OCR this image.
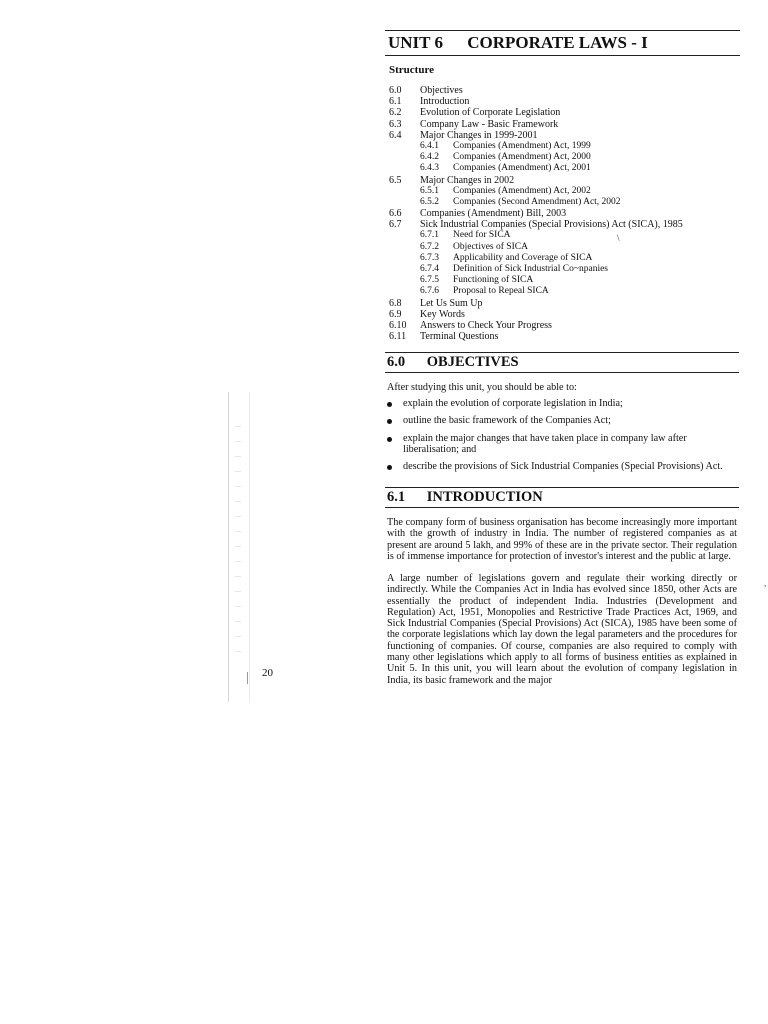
20
UNIT 6 CORPORATE LAWS - I
Structure
6.0 Objectives
6.1 Introduction
6.2 Evolution of Corporate Legislation
6.3 Company Law - Basic Framework
6.4 Major Changes in 1999-2001
6.4.1 Companies (Amendment) Act, 1999
6.4.2 Companies (Amendment) Act, 2000
6.4.3 Companies (Amendment) Act, 2001
6.5 Major Changes in 2002
6.5.1 Companies (Amendment) Act, 2002
6.5.2 Companies (Second Amendment) Act, 2002
6.6 Companies (Amendment) Bill, 2003
6.7 Sick Industrial Companies (Special Provisions) Act (SICA), 1985
6.7.1 Need for SICA
6.7.2 Objectives of SICA
6.7.3 Applicability and Coverage of SICA
6.7.4 Definition of Sick Industrial Co~npanies
6.7.5 Functioning of SICA
6.7.6 Proposal to Repeal SICA
6.8 Let Us Sum Up
6.9 Key Words
6.10 Answers to Check Your Progress
6.11 Terminal Questions
\
,
6.0 OBJECTIVES
After studying this unit, you should be able to:
explain the evolution of corporate legislation in India;
outline the basic framework of the Companies Act;
explain the major changes that have taken place in company law after liberalisation; and
describe the provisions of Sick Industrial Companies (Special Provisions) Act.
6.1 INTRODUCTION
The company form of business organisation has become increasingly more important with the growth of industry in India. The number of registered companies as at present are around 5 lakh, and 99% of these are in the private sector. Their regulation is of immense importance for protection of investor's interest and the public at large.
A large number of legislations govern and regulate their working directly or indirectly. While the Companies Act in India has evolved since 1850, other Acts are essentially the product of independent India. Industries (Development and Regulation) Act, 1951, Monopolies and Restrictive Trade Practices Act, 1969, and Sick Industrial Companies (Special Provisions) Act (SICA), 1985 have been some of the corporate legislations which lay down the legal parameters and the procedures for functioning of companies. Of course, companies are also required to comply with many other legislations which apply to all forms of business entities as explained in Unit 5. In this unit, you will learn about the evolution of company legislation in India, its basic framework and the major
